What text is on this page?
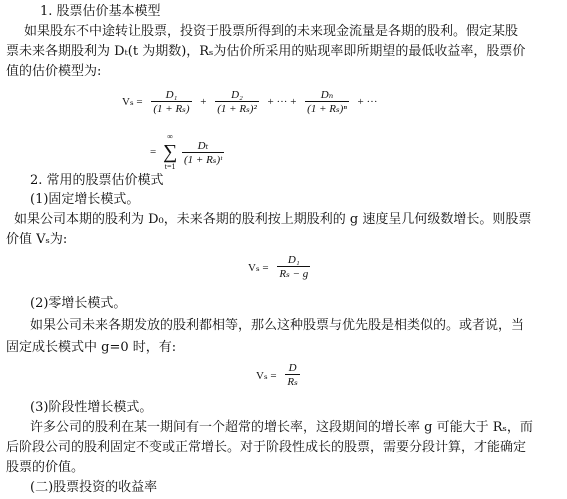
1. 股票估价基本模型
如果股东不中途转让股票，投资于股票所得到的未来现金流量是各期的股利。假定某股
票未来各期股利为 Dₜ(t 为期数)，Rₛ为估价所采用的贴现率即所期望的最低收益率，股票价
值的估价模型为:
$V_s = \frac{\text{D₁}}{\text{(1 + Rₛ)}} + \frac{\text{D₂}}{\text{(1 + Rₛ)²}}$ + ··· + $\frac{\text{Dₙ}}{\text{(1 + Rₛ)ⁿ}}$ + ···
=
∞
∑
t=1

$\frac{\text{Dₜ}}{\text{(1 + Rₛ)ᵗ}}$
2. 常用的股票估价模式
(1)固定增长模式。
如果公司本期的股利为 D₀，未来各期的股利按上期股利的 g 速度呈几何级数增长。则股票
价值 Vₛ为:
$V_s = \frac{\text{D₁}}{\text{Rₛ − g}}$
(2)零增长模式。
如果公司未来各期发放的股利都相等，那么这种股票与优先股是相类似的。或者说，当
固定成长模式中 g=0 时，有:
$V_s = \frac{D}{\text{Rₛ}}$
(3)阶段性增长模式。
许多公司的股利在某一期间有一个超常的增长率，这段期间的增长率 g 可能大于 Rₛ，而
后阶段公司的股利固定不变或正常增长。对于阶段性成长的股票，需要分段计算，才能确定
股票的价值。
(二)股票投资的收益率
